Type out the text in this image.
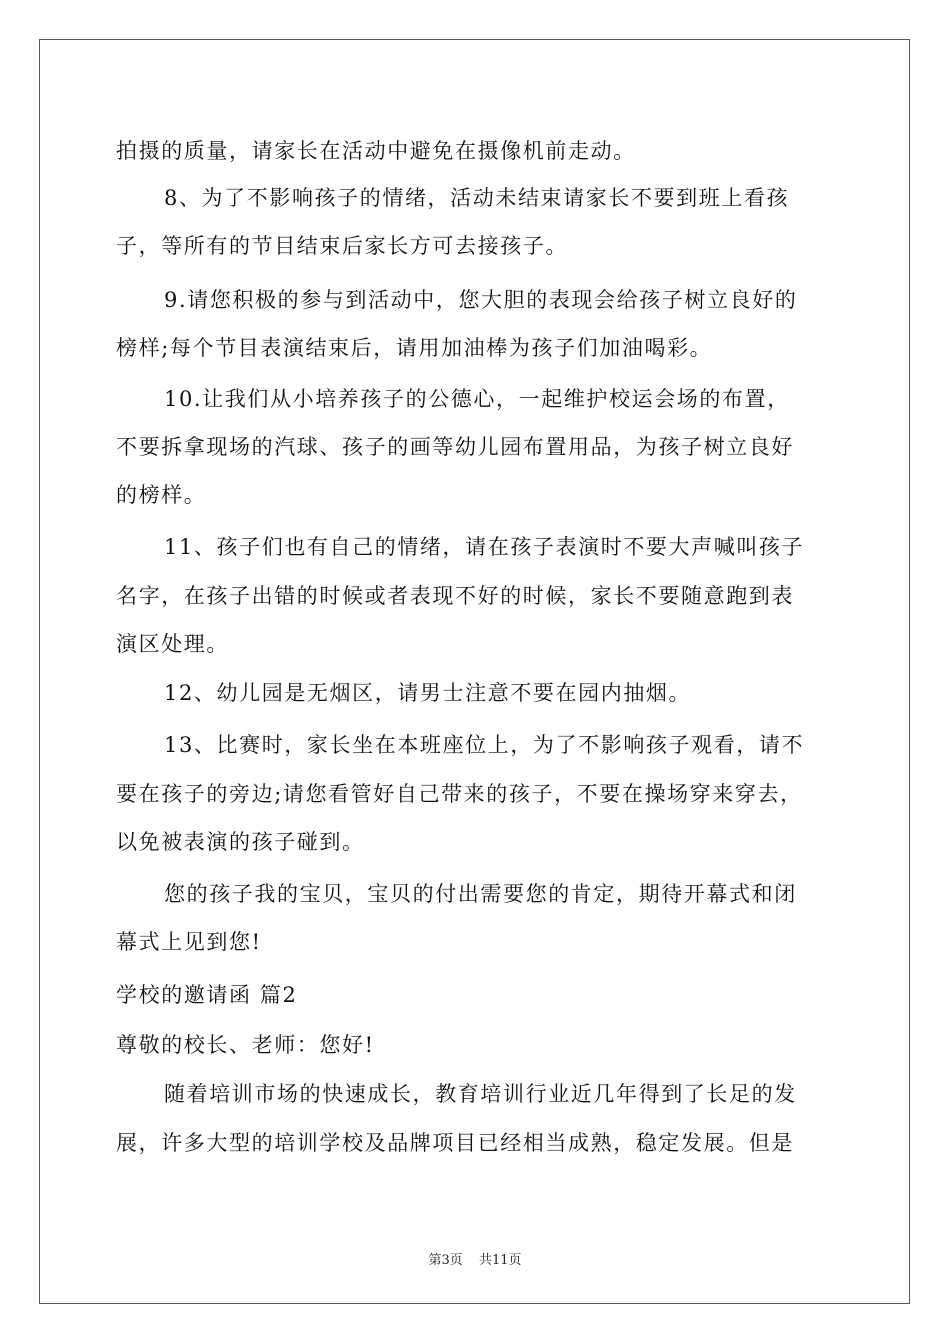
拍摄的质量，请家长在活动中避免在摄像机前走动。
8、为了不影响孩子的情绪，活动未结束请家长不要到班上看孩
子，等所有的节目结束后家长方可去接孩子。
9.请您积极的参与到活动中，您大胆的表现会给孩子树立良好的
榜样;每个节目表演结束后，请用加油棒为孩子们加油喝彩。
10.让我们从小培养孩子的公德心，一起维护校运会场的布置，
不要拆拿现场的汽球、孩子的画等幼儿园布置用品，为孩子树立良好
的榜样。
11、孩子们也有自己的情绪，请在孩子表演时不要大声喊叫孩子
名字，在孩子出错的时候或者表现不好的时候，家长不要随意跑到表
演区处理。
12、幼儿园是无烟区，请男士注意不要在园内抽烟。
13、比赛时，家长坐在本班座位上，为了不影响孩子观看，请不
要在孩子的旁边;请您看管好自己带来的孩子，不要在操场穿来穿去，
以免被表演的孩子碰到。
您的孩子我的宝贝，宝贝的付出需要您的肯定，期待开幕式和闭
幕式上见到您!
学校的邀请函 篇2
尊敬的校长、老师：您好!
随着培训市场的快速成长，教育培训行业近几年得到了长足的发
展，许多大型的培训学校及品牌项目已经相当成熟，稳定发展。但是
第3页 共11页
